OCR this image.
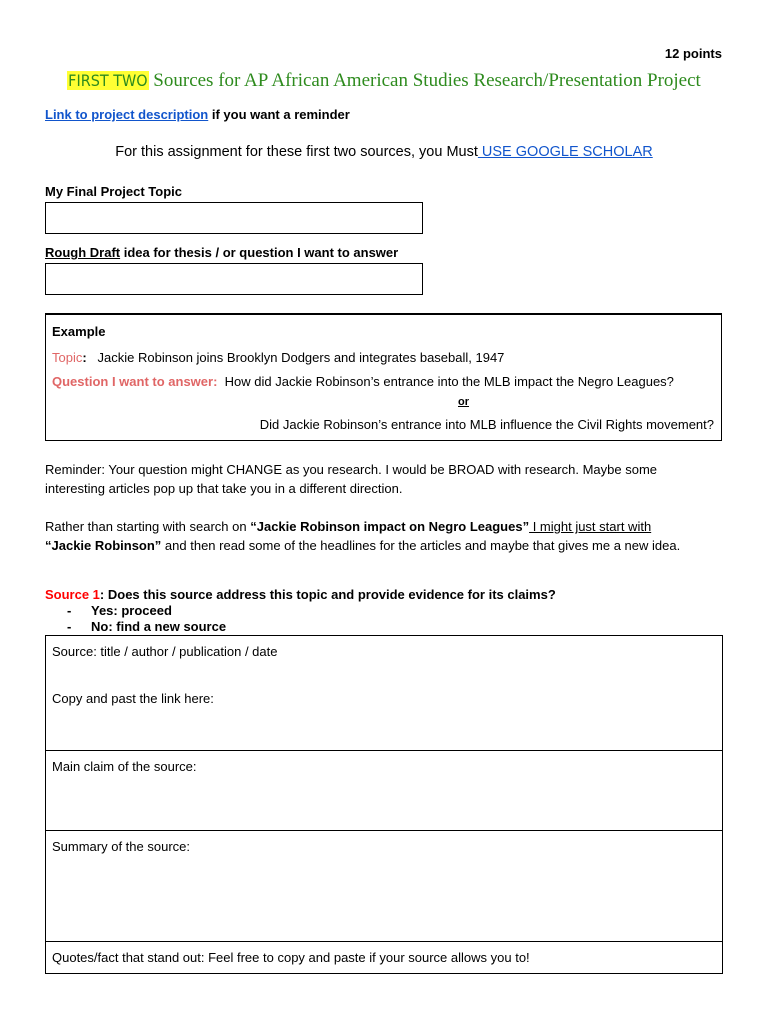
12 points
FIRST TWO Sources for AP African American Studies Research/Presentation Project
Link to project description if you want a reminder
For this assignment for these first two sources, you Must USE GOOGLE SCHOLAR
My Final Project Topic
Rough Draft idea for thesis / or question I want to answer
Example
Topic: Jackie Robinson joins Brooklyn Dodgers and integrates baseball, 1947
Question I want to answer: How did Jackie Robinson’s entrance into the MLB impact the Negro Leagues?
or
Did Jackie Robinson’s entrance into MLB influence the Civil Rights movement?
Reminder: Your question might CHANGE as you research. I would be BROAD with research. Maybe some
interesting articles pop up that take you in a different direction.
Rather than starting with search on “Jackie Robinson impact on Negro Leagues” I might just start with
“Jackie Robinson” and then read some of the headlines for the articles and maybe that gives me a new idea.
Source 1: Does this source address this topic and provide evidence for its claims?
- Yes: proceed
- No: find a new source
Source: title / author / publication / date
Copy and past the link here:

Main claim of the source:

Summary of the source:

Quotes/fact that stand out: Feel free to copy and paste if your source allows you to!
